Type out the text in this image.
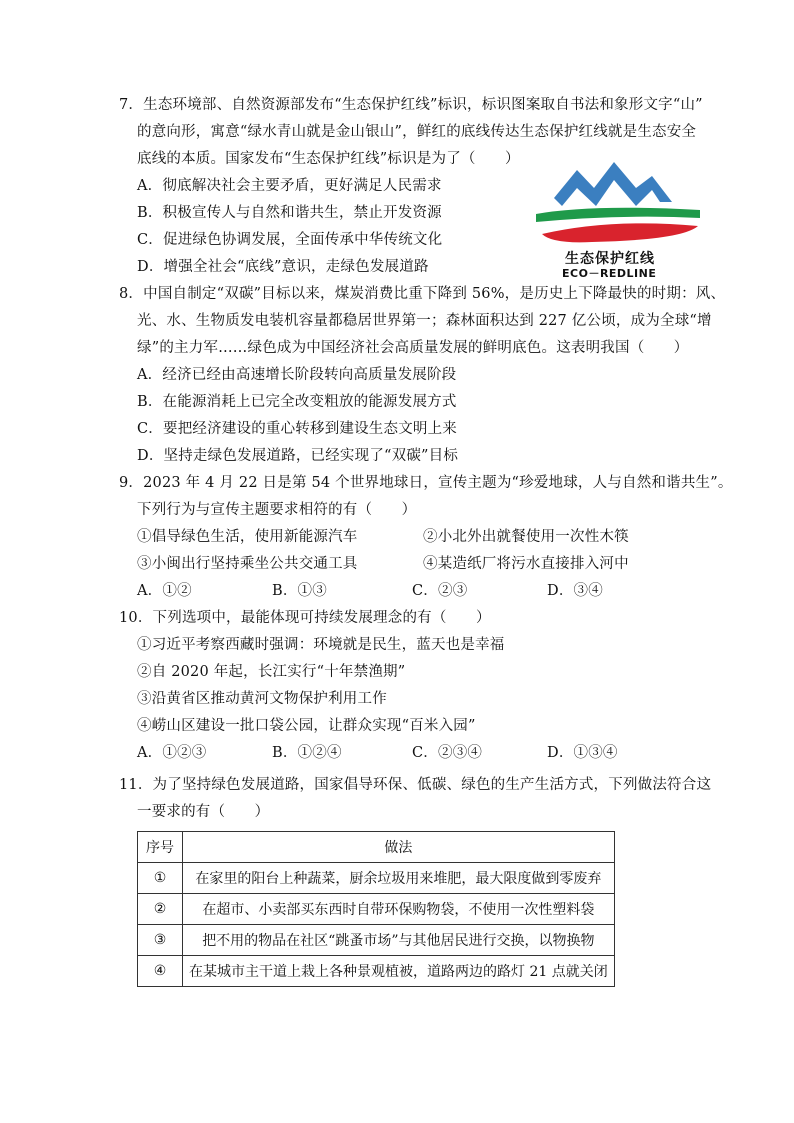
7．生态环境部、自然资源部发布“生态保护红线”标识，标识图案取自书法和象形文字“山”
的意向形，寓意“绿水青山就是金山银山”，鲜红的底线传达生态保护红线就是生态安全
底线的本质。国家发布“生态保护红线”标识是为了（　　）
A．彻底解决社会主要矛盾，更好满足人民需求
B．积极宣传人与自然和谐共生，禁止开发资源
C．促进绿色协调发展，全面传承中华传统文化
D．增强全社会“底线”意识，走绿色发展道路	生态保护红线
ECO－REDLINE
8．中国自制定“双碳”目标以来，煤炭消费比重下降到 56%，是历史上下降最快的时期：风、
光、水、生物质发电装机容量都稳居世界第一；森林面积达到 227 亿公顷，成为全球“增
绿”的主力军……绿色成为中国经济社会高质量发展的鲜明底色。这表明我国（　　）
A．经济已经由高速增长阶段转向高质量发展阶段
B．在能源消耗上已完全改变粗放的能源发展方式
C．要把经济建设的重心转移到建设生态文明上来
D．坚持走绿色发展道路，已经实现了“双碳”目标
9．2023 年 4 月 22 日是第 54 个世界地球日，宣传主题为“珍爱地球，人与自然和谐共生”。
下列行为与宣传主题要求相符的有（　　）
①倡导绿色生活，使用新能源汽车	②小北外出就餐使用一次性木筷
③小闽出行坚持乘坐公共交通工具	④某造纸厂将污水直接排入河中
A．①②	B．①③	C．②③	D．③④
10．下列选项中，最能体现可持续发展理念的有（　　）
①习近平考察西藏时强调：环境就是民生，蓝天也是幸福
②自 2020 年起，长江实行“十年禁渔期”
③沿黄省区推动黄河文物保护利用工作
④崂山区建设一批口袋公园，让群众实现“百米入园”
A．①②③	B．①②④	C．②③④	D．①③④
11．为了坚持绿色发展道路，国家倡导环保、低碳、绿色的生产生活方式，下列做法符合这
一要求的有（　　）
序号	做法
①	在家里的阳台上种蔬菜，厨余垃圾用来堆肥，最大限度做到零废弃
②	在超市、小卖部买东西时自带环保购物袋，不使用一次性塑料袋
③	把不用的物品在社区“跳蚤市场”与其他居民进行交换，以物换物
④	在某城市主干道上栽上各种景观植被，道路两边的路灯 21 点就关闭
